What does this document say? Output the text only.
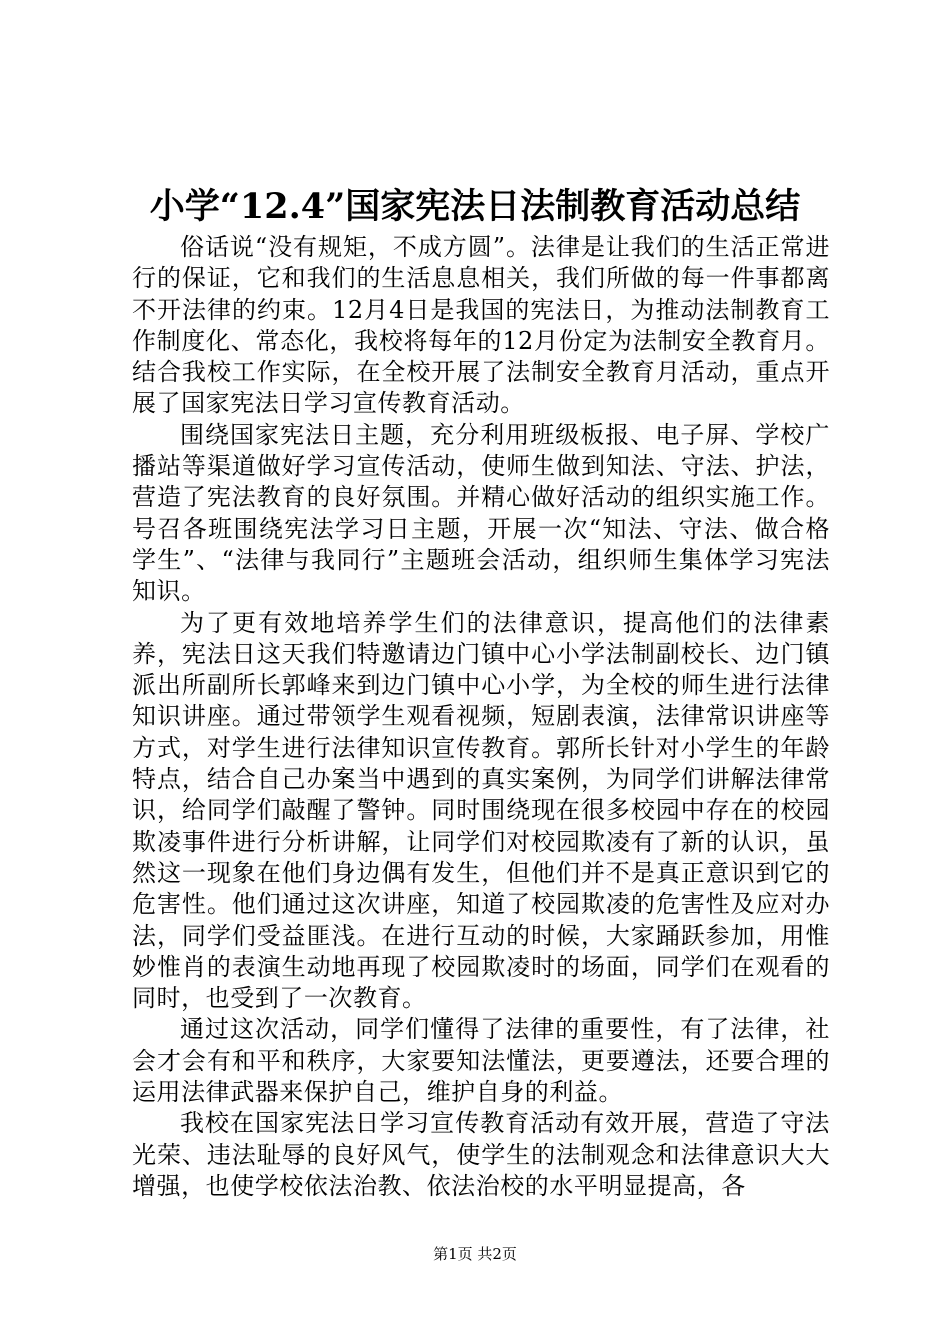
小学“12.4”国家宪法日法制教育活动总结

俗话说“没有规矩，不成方圆”。法律是让我们的生活正常进行的保证，它和我们的生活息息相关，我们所做的每一件事都离不开法律的约束。12月4日是我国的宪法日，为推动法制教育工作制度化、常态化，我校将每年的12月份定为法制安全教育月。结合我校工作实际，在全校开展了法制安全教育月活动，重点开展了国家宪法日学习宣传教育活动。

围绕国家宪法日主题，充分利用班级板报、电子屏、学校广播站等渠道做好学习宣传活动，使师生做到知法、守法、护法，营造了宪法教育的良好氛围。并精心做好活动的组织实施工作。号召各班围绕宪法学习日主题，开展一次“知法、守法、做合格学生”、“法律与我同行”主题班会活动，组织师生集体学习宪法知识。

为了更有效地培养学生们的法律意识，提高他们的法律素养，宪法日这天我们特邀请边门镇中心小学法制副校长、边门镇派出所副所长郭峰来到边门镇中心小学，为全校的师生进行法律知识讲座。通过带领学生观看视频，短剧表演，法律常识讲座等方式，对学生进行法律知识宣传教育。郭所长针对小学生的年龄特点，结合自己办案当中遇到的真实案例，为同学们讲解法律常识，给同学们敲醒了警钟。同时围绕现在很多校园中存在的校园欺凌事件进行分析讲解，让同学们对校园欺凌有了新的认识，虽然这一现象在他们身边偶有发生，但他们并不是真正意识到它的危害性。他们通过这次讲座，知道了校园欺凌的危害性及应对办法，同学们受益匪浅。在进行互动的时候，大家踊跃参加，用惟妙惟肖的表演生动地再现了校园欺凌时的场面，同学们在观看的同时，也受到了一次教育。

通过这次活动，同学们懂得了法律的重要性，有了法律，社会才会有和平和秩序，大家要知法懂法，更要遵法，还要合理的运用法律武器来保护自己，维护自身的利益。

我校在国家宪法日学习宣传教育活动有效开展，营造了守法光荣、违法耻辱的良好风气，使学生的法制观念和法律意识大大增强，也使学校依法治教、依法治校的水平明显提高，各

第1页 共2页
